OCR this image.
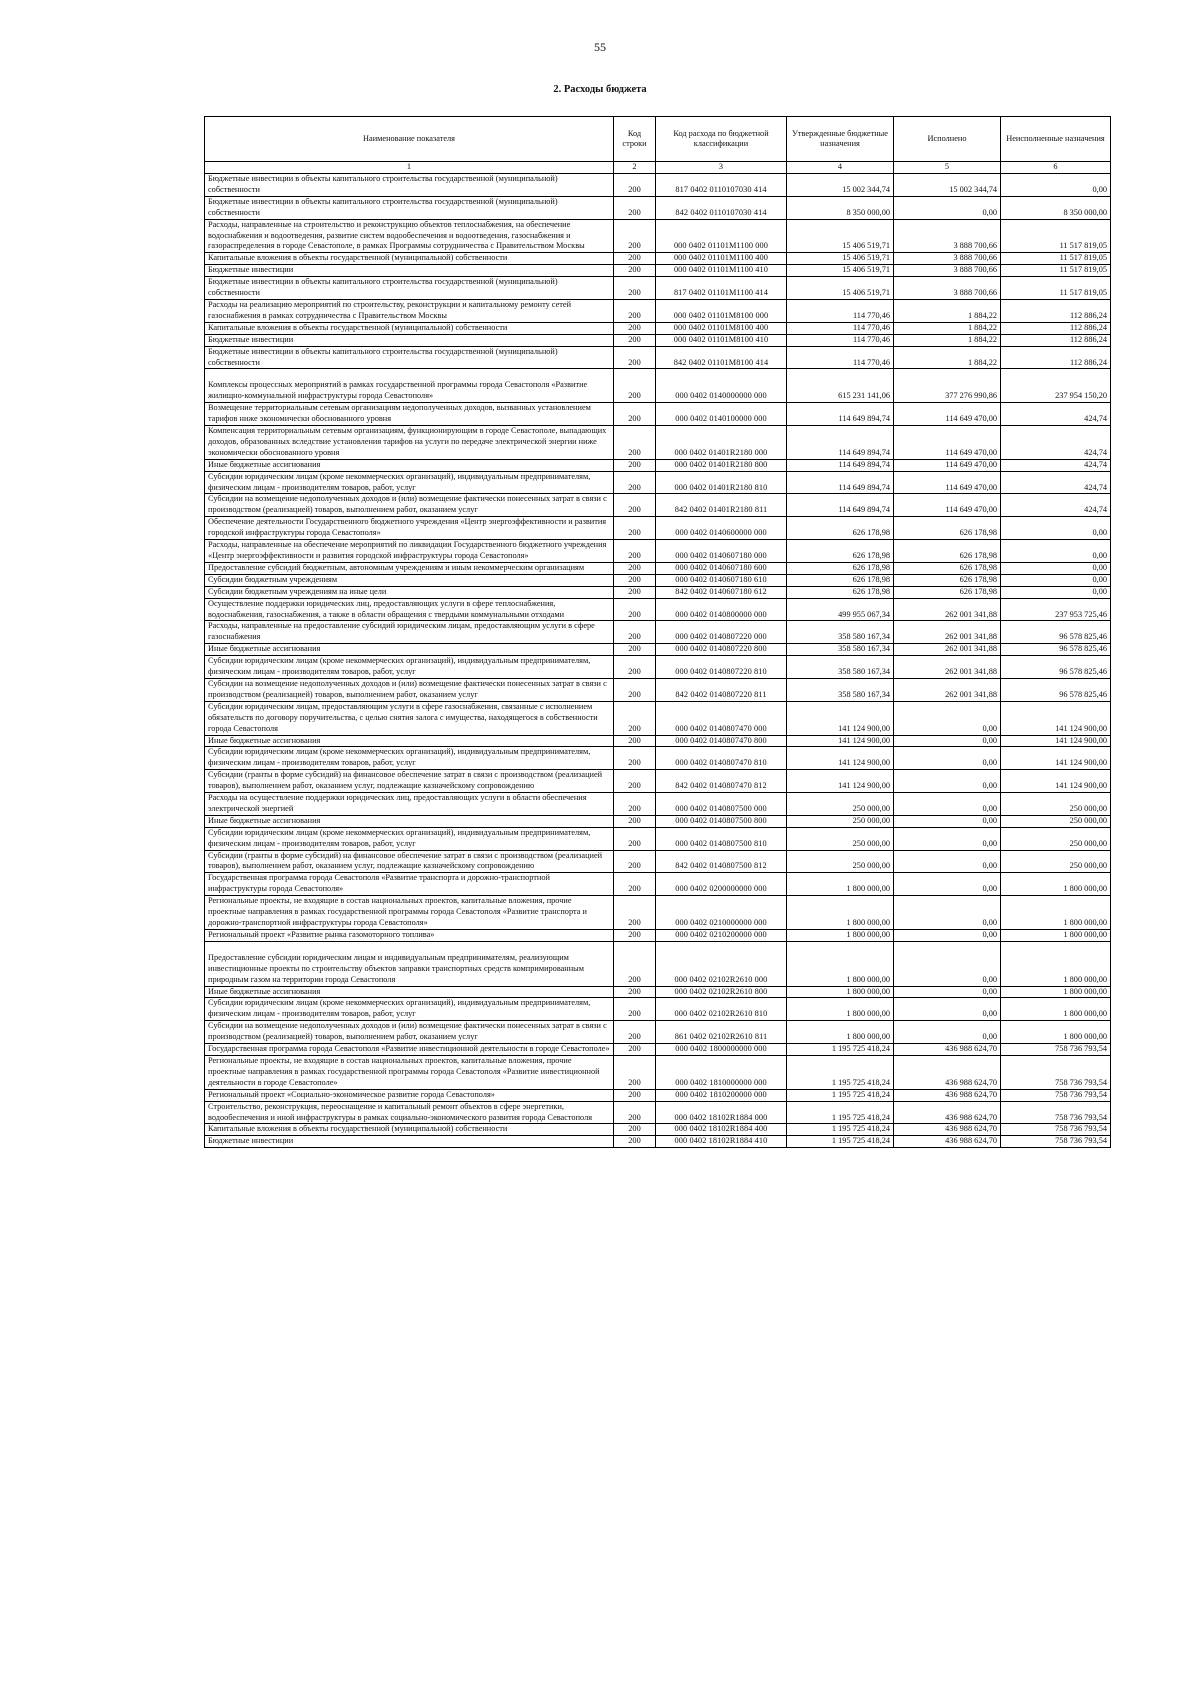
55
2. Расходы бюджета
Наименование показателя	Код строки	Код расхода по бюджетной классификации	Утвержденные бюджетные назначения	Исполнено	Неисполненные назначения
1	2	3	4	5	6
Бюджетные инвестиции в объекты капитального строительства государственной (муниципальной) собственности	200	817 0402 0110107030 414	15 002 344,74	15 002 344,74	0,00
Бюджетные инвестиции в объекты капитального строительства государственной (муниципальной) собственности	200	842 0402 0110107030 414	8 350 000,00	0,00	8 350 000,00
Расходы, направленные на строительство и реконструкцию объектов теплоснабжения, на обеспечение водоснабжения и водоотведения, развитие систем водообеспечения и водоотведения, газоснабжения и газораспределения в городе Севастополе, в рамках Программы сотрудничества с Правительством Москвы	200	000 0402 01101M1100 000	15 406 519,71	3 888 700,66	11 517 819,05
Капитальные вложения в объекты государственной (муниципальной) собственности	200	000 0402 01101M1100 400	15 406 519,71	3 888 700,66	11 517 819,05
Бюджетные инвестиции	200	000 0402 01101M1100 410	15 406 519,71	3 888 700,66	11 517 819,05
Бюджетные инвестиции в объекты капитального строительства государственной (муниципальной) собственности	200	817 0402 01101M1100 414	15 406 519,71	3 888 700,66	11 517 819,05
Расходы на реализацию мероприятий по строительству, реконструкции и капитальному ремонту сетей газоснабжения в рамках сотрудничества с Правительством Москвы	200	000 0402 01101M8100 000	114 770,46	1 884,22	112 886,24
Капитальные вложения в объекты государственной (муниципальной) собственности	200	000 0402 01101M8100 400	114 770,46	1 884,22	112 886,24
Бюджетные инвестиции	200	000 0402 01101M8100 410	114 770,46	1 884,22	112 886,24
Бюджетные инвестиции в объекты капитального строительства государственной (муниципальной) собственности	200	842 0402 01101M8100 414	114 770,46	1 884,22	112 886,24
Комплексы процессных мероприятий в рамках государственной программы города Севастополя «Развитие жилищно-коммунальной инфраструктуры города Севастополя»	200	000 0402 0140000000 000	615 231 141,06	377 276 990,86	237 954 150,20
Возмещение территориальным сетевым организациям недополученных доходов, вызванных установлением тарифов ниже экономически обоснованного уровня	200	000 0402 0140100000 000	114 649 894,74	114 649 470,00	424,74
Компенсация территориальным сетевым организациям, функционирующим в городе Севастополе, выпадающих доходов, образованных вследствие установления тарифов на услуги по передаче электрической энергии ниже экономически обоснованного уровня	200	000 0402 01401R2180 000	114 649 894,74	114 649 470,00	424,74
Иные бюджетные ассигнования	200	000 0402 01401R2180 800	114 649 894,74	114 649 470,00	424,74
Субсидии юридическим лицам (кроме некоммерческих организаций), индивидуальным предпринимателям, физическим лицам - производителям товаров, работ, услуг	200	000 0402 01401R2180 810	114 649 894,74	114 649 470,00	424,74
Субсидии на возмещение недополученных доходов и (или) возмещение фактически понесенных затрат в связи с производством (реализацией) товаров, выполнением работ, оказанием услуг	200	842 0402 01401R2180 811	114 649 894,74	114 649 470,00	424,74
Обеспечение деятельности Государственного бюджетного учреждения «Центр энергоэффективности и развития городской инфраструктуры города Севастополя»	200	000 0402 0140600000 000	626 178,98	626 178,98	0,00
Расходы, направленные на обеспечение мероприятий по ликвидации Государственного бюджетного учреждения «Центр энергоэффективности и развития городской инфраструктуры города Севастополя»	200	000 0402 0140607180 000	626 178,98	626 178,98	0,00
Предоставление субсидий бюджетным, автономным учреждениям и иным некоммерческим организациям	200	000 0402 0140607180 600	626 178,98	626 178,98	0,00
Субсидии бюджетным учреждениям	200	000 0402 0140607180 610	626 178,98	626 178,98	0,00
Субсидии бюджетным учреждениям на иные цели	200	842 0402 0140607180 612	626 178,98	626 178,98	0,00
Осуществление поддержки юридических лиц, предоставляющих услуги в сфере теплоснабжения, водоснабжения, газоснабжения, а также в области обращения с твердыми коммунальными отходами	200	000 0402 0140800000 000	499 955 067,34	262 001 341,88	237 953 725,46
Расходы, направленные на предоставление субсидий юридическим лицам, предоставляющим услуги в сфере газоснабжения	200	000 0402 0140807220 000	358 580 167,34	262 001 341,88	96 578 825,46
Иные бюджетные ассигнования	200	000 0402 0140807220 800	358 580 167,34	262 001 341,88	96 578 825,46
Субсидии юридическим лицам (кроме некоммерческих организаций), индивидуальным предпринимателям, физическим лицам - производителям товаров, работ, услуг	200	000 0402 0140807220 810	358 580 167,34	262 001 341,88	96 578 825,46
Субсидии на возмещение недополученных доходов и (или) возмещение фактически понесенных затрат в связи с производством (реализацией) товаров, выполнением работ, оказанием услуг	200	842 0402 0140807220 811	358 580 167,34	262 001 341,88	96 578 825,46
Субсидии юридическим лицам, предоставляющим услуги в сфере газоснабжения, связанные с исполнением обязательств по договору поручительства, с целью снятия залога с имущества, находящегося в собственности города Севастополя	200	000 0402 0140807470 000	141 124 900,00	0,00	141 124 900,00
Иные бюджетные ассигнования	200	000 0402 0140807470 800	141 124 900,00	0,00	141 124 900,00
Субсидии юридическим лицам (кроме некоммерческих организаций), индивидуальным предпринимателям, физическим лицам - производителям товаров, работ, услуг	200	000 0402 0140807470 810	141 124 900,00	0,00	141 124 900,00
Субсидии (гранты в форме субсидий) на финансовое обеспечение затрат в связи с производством (реализацией товаров), выполнением работ, оказанием услуг, подлежащие казначейскому сопровождению	200	842 0402 0140807470 812	141 124 900,00	0,00	141 124 900,00
Расходы на осуществление поддержки юридических лиц, предоставляющих услуги в области обеспечения электрической энергией	200	000 0402 0140807500 000	250 000,00	0,00	250 000,00
Иные бюджетные ассигнования	200	000 0402 0140807500 800	250 000,00	0,00	250 000,00
Субсидии юридическим лицам (кроме некоммерческих организаций), индивидуальным предпринимателям, физическим лицам - производителям товаров, работ, услуг	200	000 0402 0140807500 810	250 000,00	0,00	250 000,00
Субсидии (гранты в форме субсидий) на финансовое обеспечение затрат в связи с производством (реализацией товаров), выполнением работ, оказанием услуг, подлежащие казначейскому сопровождению	200	842 0402 0140807500 812	250 000,00	0,00	250 000,00
Государственная программа города Севастополя «Развитие транспорта и дорожно-транспортной инфраструктуры города Севастополя»	200	000 0402 0200000000 000	1 800 000,00	0,00	1 800 000,00
Региональные проекты, не входящие в состав национальных проектов, капитальные вложения, прочие проектные направления в рамках государственной программы города Севастополя «Развитие транспорта и дорожно-транспортной инфраструктуры города Севастополя»	200	000 0402 0210000000 000	1 800 000,00	0,00	1 800 000,00
Региональный проект «Развитие рынка газомоторного топлива»	200	000 0402 0210200000 000	1 800 000,00	0,00	1 800 000,00
Предоставление субсидии юридическим лицам и индивидуальным предпринимателям, реализующим инвестиционные проекты по строительству объектов заправки транспортных средств компримированным природным газом на территории города Севастополя	200	000 0402 02102R2610 000	1 800 000,00	0,00	1 800 000,00
Иные бюджетные ассигнования	200	000 0402 02102R2610 800	1 800 000,00	0,00	1 800 000,00
Субсидии юридическим лицам (кроме некоммерческих организаций), индивидуальным предпринимателям, физическим лицам - производителям товаров, работ, услуг	200	000 0402 02102R2610 810	1 800 000,00	0,00	1 800 000,00
Субсидии на возмещение недополученных доходов и (или) возмещение фактически понесенных затрат в связи с производством (реализацией) товаров, выполнением работ, оказанием услуг	200	861 0402 02102R2610 811	1 800 000,00	0,00	1 800 000,00
Государственная программа города Севастополя «Развитие инвестиционной деятельности в городе Севастополе»	200	000 0402 1800000000 000	1 195 725 418,24	436 988 624,70	758 736 793,54
Региональные проекты, не входящие в состав национальных проектов, капитальные вложения, прочие проектные направления в рамках государственной программы города Севастополя «Развитие инвестиционной деятельности в городе Севастополе»	200	000 0402 1810000000 000	1 195 725 418,24	436 988 624,70	758 736 793,54
Региональный проект «Социально-экономическое развитие города Севастополя»	200	000 0402 1810200000 000	1 195 725 418,24	436 988 624,70	758 736 793,54
Строительство, реконструкция, переоснащение и капитальный ремонт объектов в сфере энергетики, водообеспечения и иной инфраструктуры в рамках социально-экономического развития города Севастополя	200	000 0402 18102R1884 000	1 195 725 418,24	436 988 624,70	758 736 793,54
Капитальные вложения в объекты государственной (муниципальной) собственности	200	000 0402 18102R1884 400	1 195 725 418,24	436 988 624,70	758 736 793,54
Бюджетные инвестиции	200	000 0402 18102R1884 410	1 195 725 418,24	436 988 624,70	758 736 793,54
